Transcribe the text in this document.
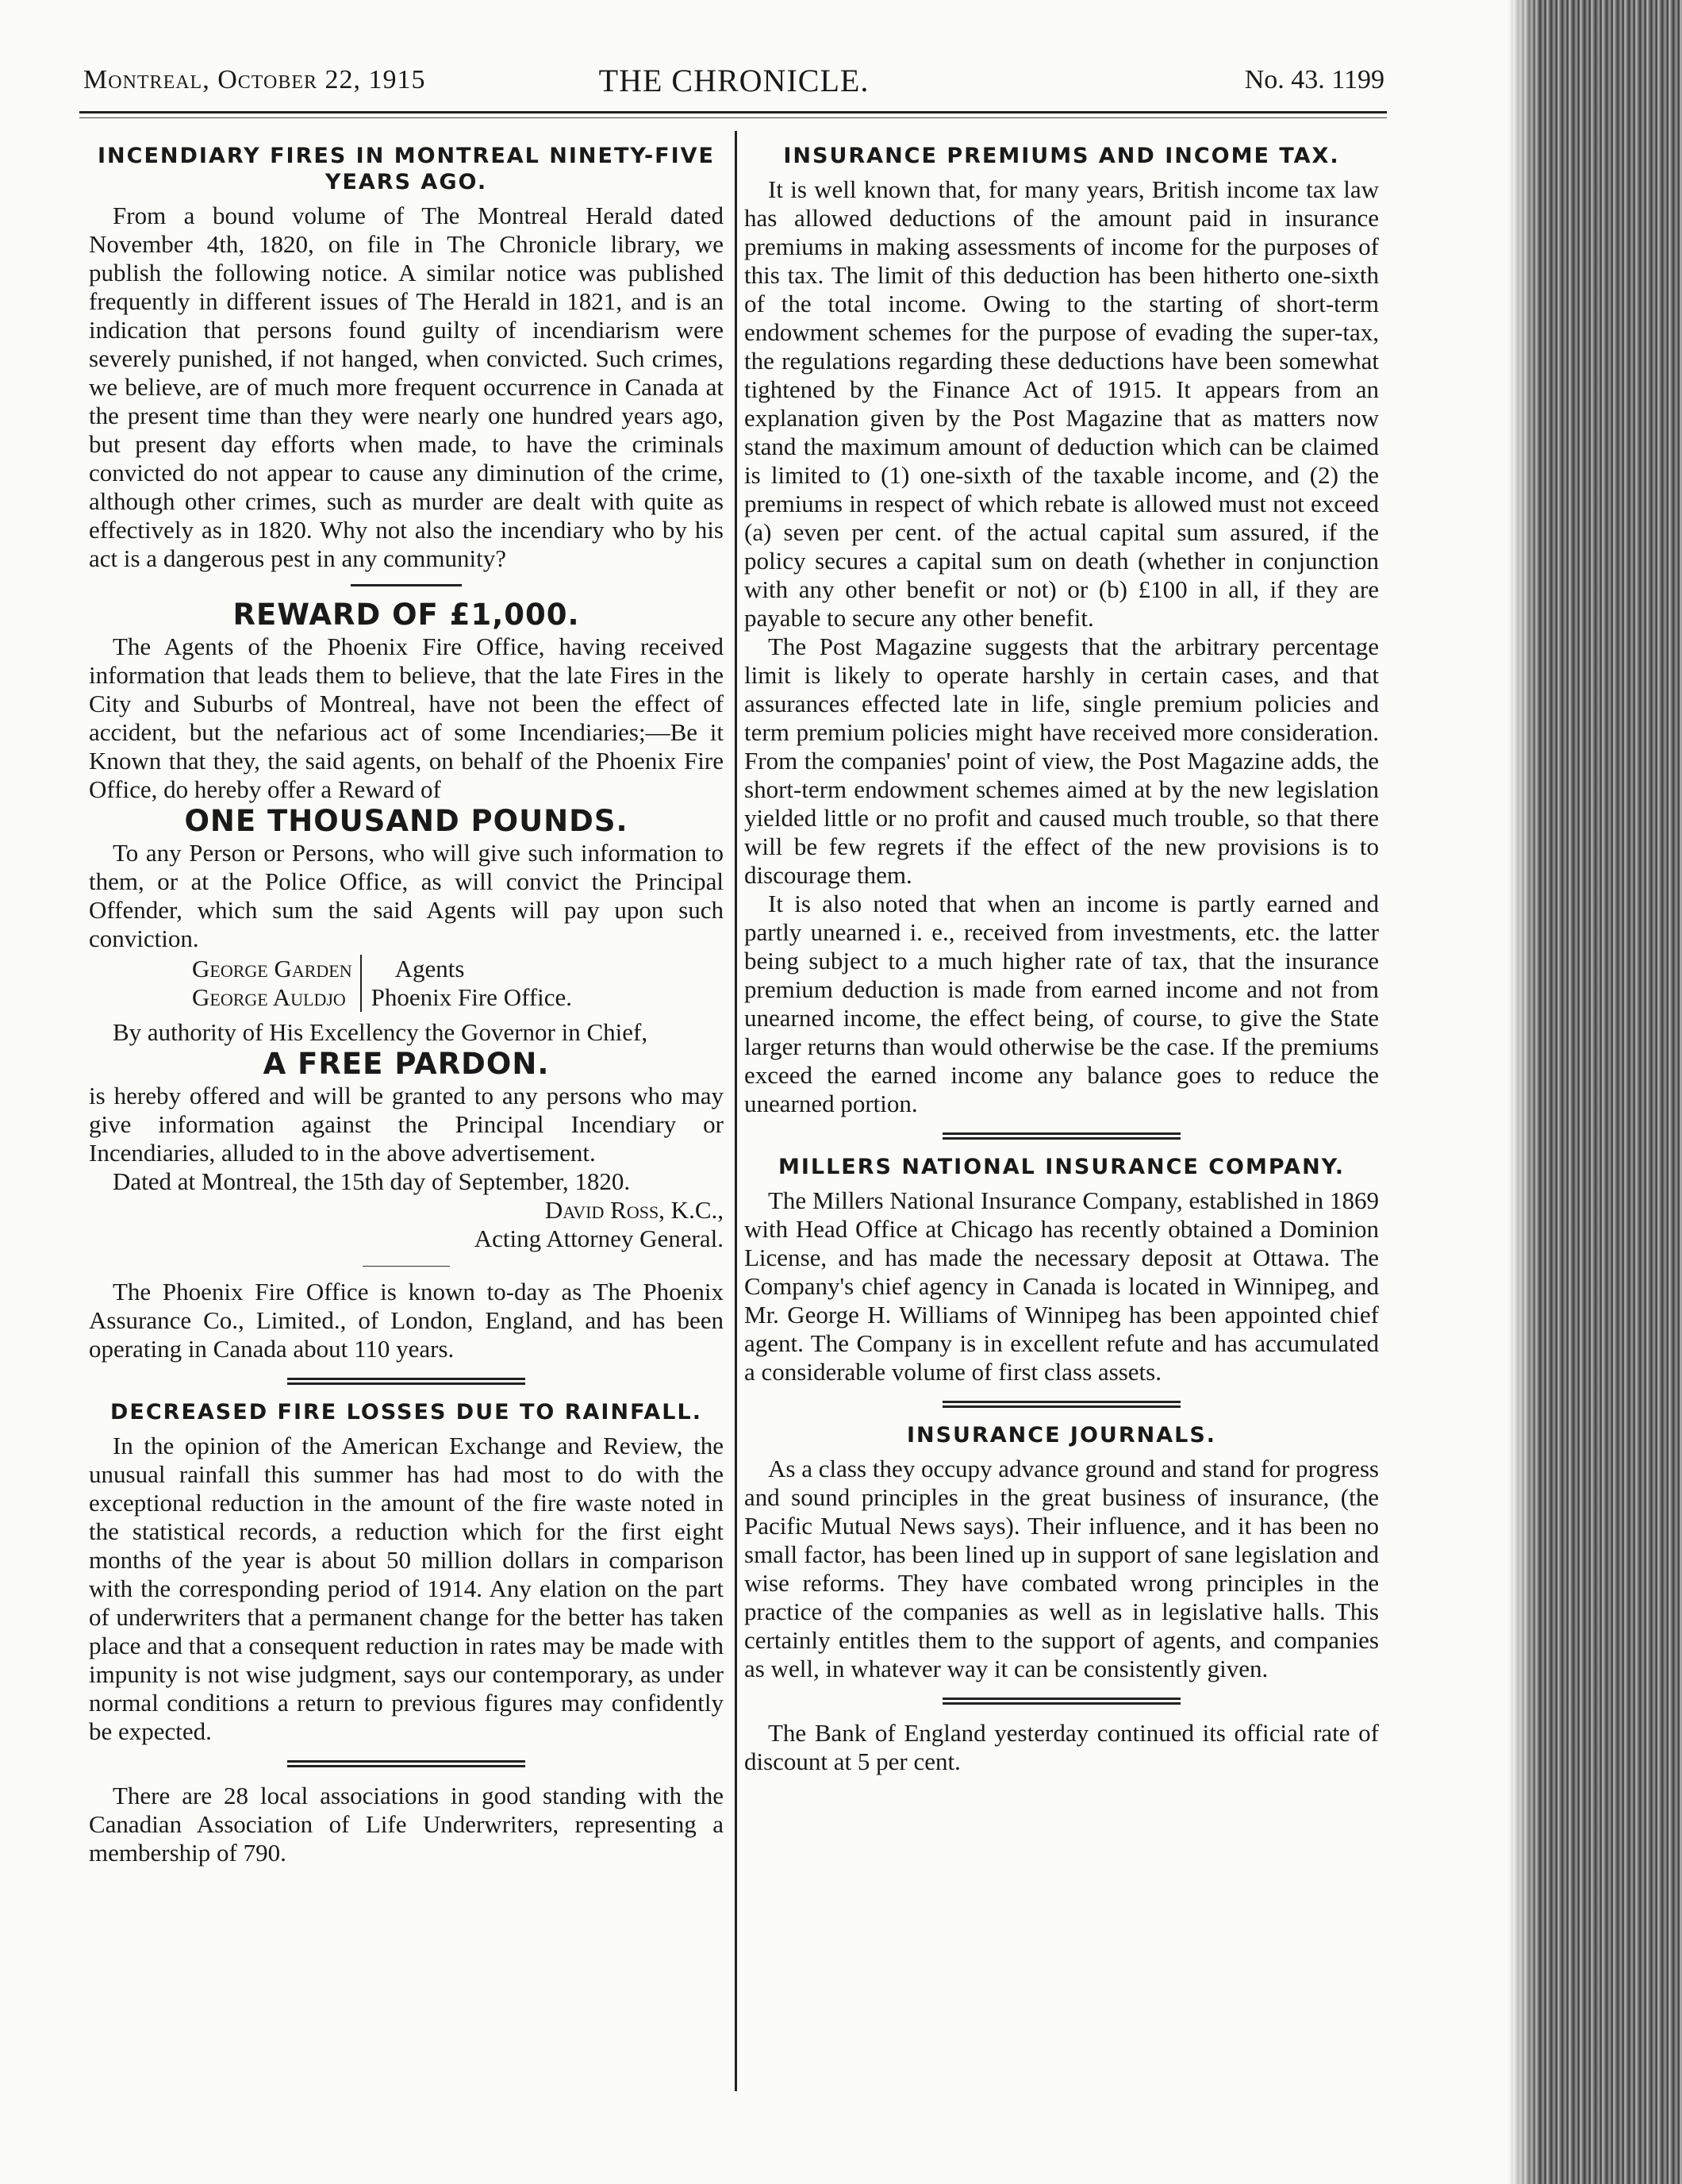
Montreal, October 22, 1915	THE CHRONICLE.	No. 43. 1199
INCENDIARY FIRES IN MONTREAL NINETY-FIVE YEARS AGO.

From a bound volume of The Montreal Herald dated November 4th, 1820, on file in The Chronicle library, we publish the following notice. A similar notice was published frequently in different issues of The Herald in 1821, and is an indication that persons found guilty of incendiarism were severely punished, if not hanged, when convicted. Such crimes, we believe, are of much more frequent occurrence in Canada at the present time than they were nearly one hundred years ago, but present day efforts when made, to have the criminals convicted do not appear to cause any diminution of the crime, although other crimes, such as murder are dealt with quite as effectively as in 1820. Why not also the incendiary who by his act is a dangerous pest in any community?

REWARD OF £1,000.

The Agents of the Phoenix Fire Office, having received information that leads them to believe, that the late Fires in the City and Suburbs of Montreal, have not been the effect of accident, but the nefarious act of some Incendiaries;—Be it Known that they, the said agents, on behalf of the Phoenix Fire Office, do hereby offer a Reward of

ONE THOUSAND POUNDS.

To any Person or Persons, who will give such information to them, or at the Police Office, as will convict the Principal Offender, which sum the said Agents will pay upon such conviction.

George Garden
George Auldjo
Agents
Phoenix Fire Office.

By authority of His Excellency the Governor in Chief,

A FREE PARDON.

is hereby offered and will be granted to any persons who may give information against the Principal Incendiary or Incendiaries, alluded to in the above advertisement.

Dated at Montreal, the 15th day of September, 1820.

David Ross, K.C.,

Acting Attorney General.

The Phoenix Fire Office is known to-day as The Phoenix Assurance Co., Limited., of London, England, and has been operating in Canada about 110 years.

DECREASED FIRE LOSSES DUE TO RAINFALL.

In the opinion of the American Exchange and Review, the unusual rainfall this summer has had most to do with the exceptional reduction in the amount of the fire waste noted in the statistical records, a reduction which for the first eight months of the year is about 50 million dollars in comparison with the corresponding period of 1914. Any elation on the part of underwriters that a permanent change for the better has taken place and that a consequent reduction in rates may be made with impunity is not wise judgment, says our contemporary, as under normal conditions a return to previous figures may confidently be expected.

There are 28 local associations in good standing with the Canadian Association of Life Underwriters, representing a membership of 790.

INSURANCE PREMIUMS AND INCOME TAX.

It is well known that, for many years, British income tax law has allowed deductions of the amount paid in insurance premiums in making assessments of income for the purposes of this tax. The limit of this deduction has been hitherto one-sixth of the total income. Owing to the starting of short-term endowment schemes for the purpose of evading the super-tax, the regulations regarding these deductions have been somewhat tightened by the Finance Act of 1915. It appears from an explanation given by the Post Magazine that as matters now stand the maximum amount of deduction which can be claimed is limited to (1) one-sixth of the taxable income, and (2) the premiums in respect of which rebate is allowed must not exceed (a) seven per cent. of the actual capital sum assured, if the policy secures a capital sum on death (whether in conjunction with any other benefit or not) or (b) £100 in all, if they are payable to secure any other benefit.

The Post Magazine suggests that the arbitrary percentage limit is likely to operate harshly in certain cases, and that assurances effected late in life, single premium policies and term premium policies might have received more consideration. From the companies' point of view, the Post Magazine adds, the short-term endowment schemes aimed at by the new legislation yielded little or no profit and caused much trouble, so that there will be few regrets if the effect of the new provisions is to discourage them.

It is also noted that when an income is partly earned and partly unearned i. e., received from investments, etc. the latter being subject to a much higher rate of tax, that the insurance premium deduction is made from earned income and not from unearned income, the effect being, of course, to give the State larger returns than would otherwise be the case. If the premiums exceed the earned income any balance goes to reduce the unearned portion.

MILLERS NATIONAL INSURANCE COMPANY.

The Millers National Insurance Company, established in 1869 with Head Office at Chicago has recently obtained a Dominion License, and has made the necessary deposit at Ottawa. The Company's chief agency in Canada is located in Winnipeg, and Mr. George H. Williams of Winnipeg has been appointed chief agent. The Company is in excellent refute and has accumulated a considerable volume of first class assets.

INSURANCE JOURNALS.

As a class they occupy advance ground and stand for progress and sound principles in the great business of insurance, (the Pacific Mutual News says). Their influence, and it has been no small factor, has been lined up in support of sane legislation and wise reforms. They have combated wrong principles in the practice of the companies as well as in legislative halls. This certainly entitles them to the support of agents, and companies as well, in whatever way it can be consistently given.

The Bank of England yesterday continued its official rate of discount at 5 per cent.
